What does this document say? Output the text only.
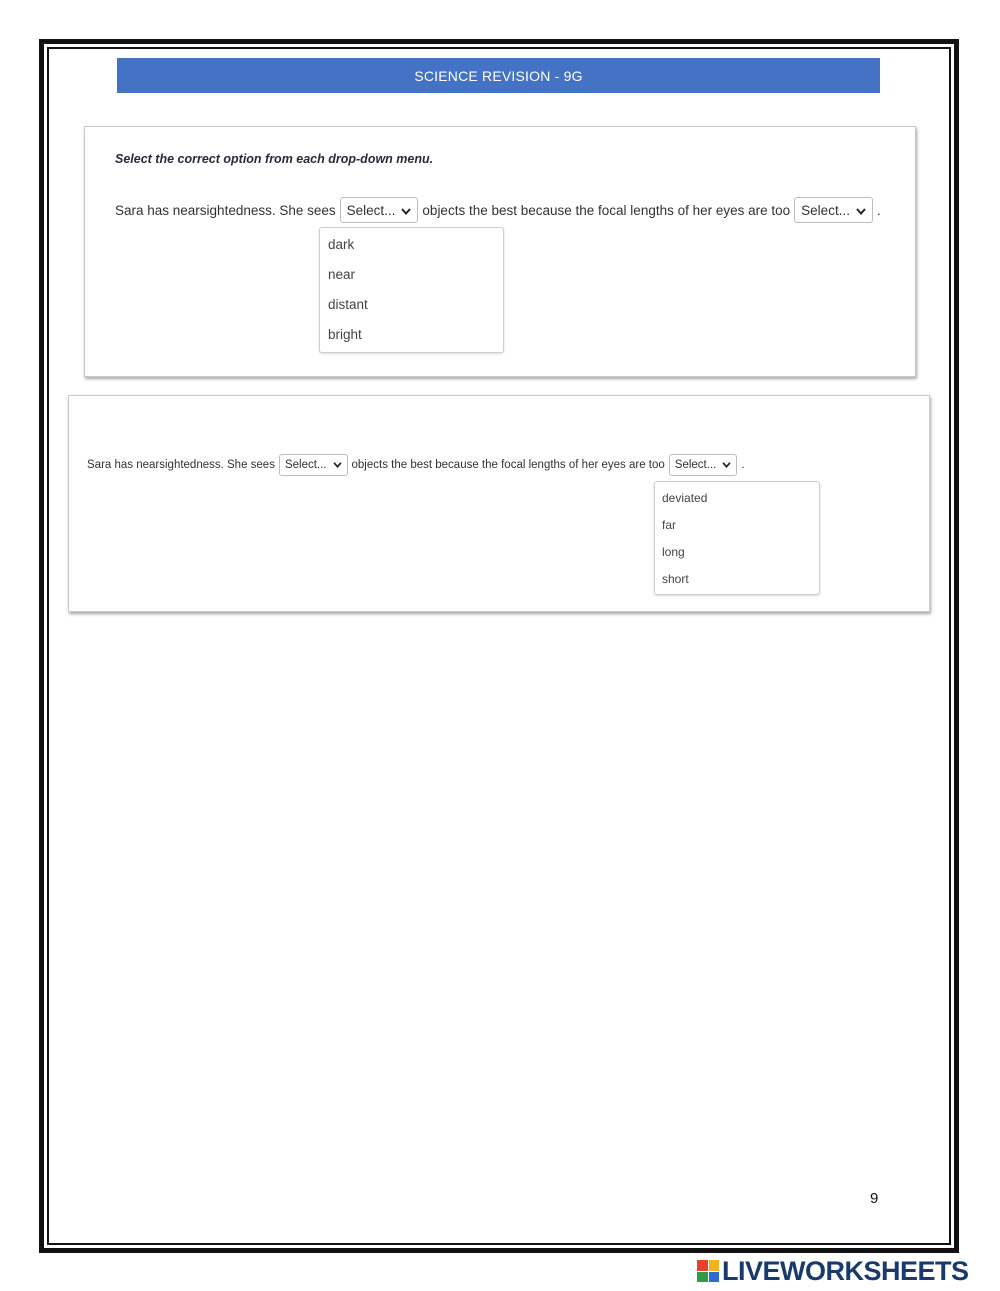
SCIENCE REVISION - 9G
Select the correct option from each drop-down menu.
Sara has nearsightedness. She sees Select... objects the best because the focal lengths of her eyes are too Select... .
dark
near
distant
bright
Sara has nearsightedness. She sees Select... objects the best because the focal lengths of her eyes are too Select... .
deviated
far
long
short
9
LIVEWORKSHEETS
